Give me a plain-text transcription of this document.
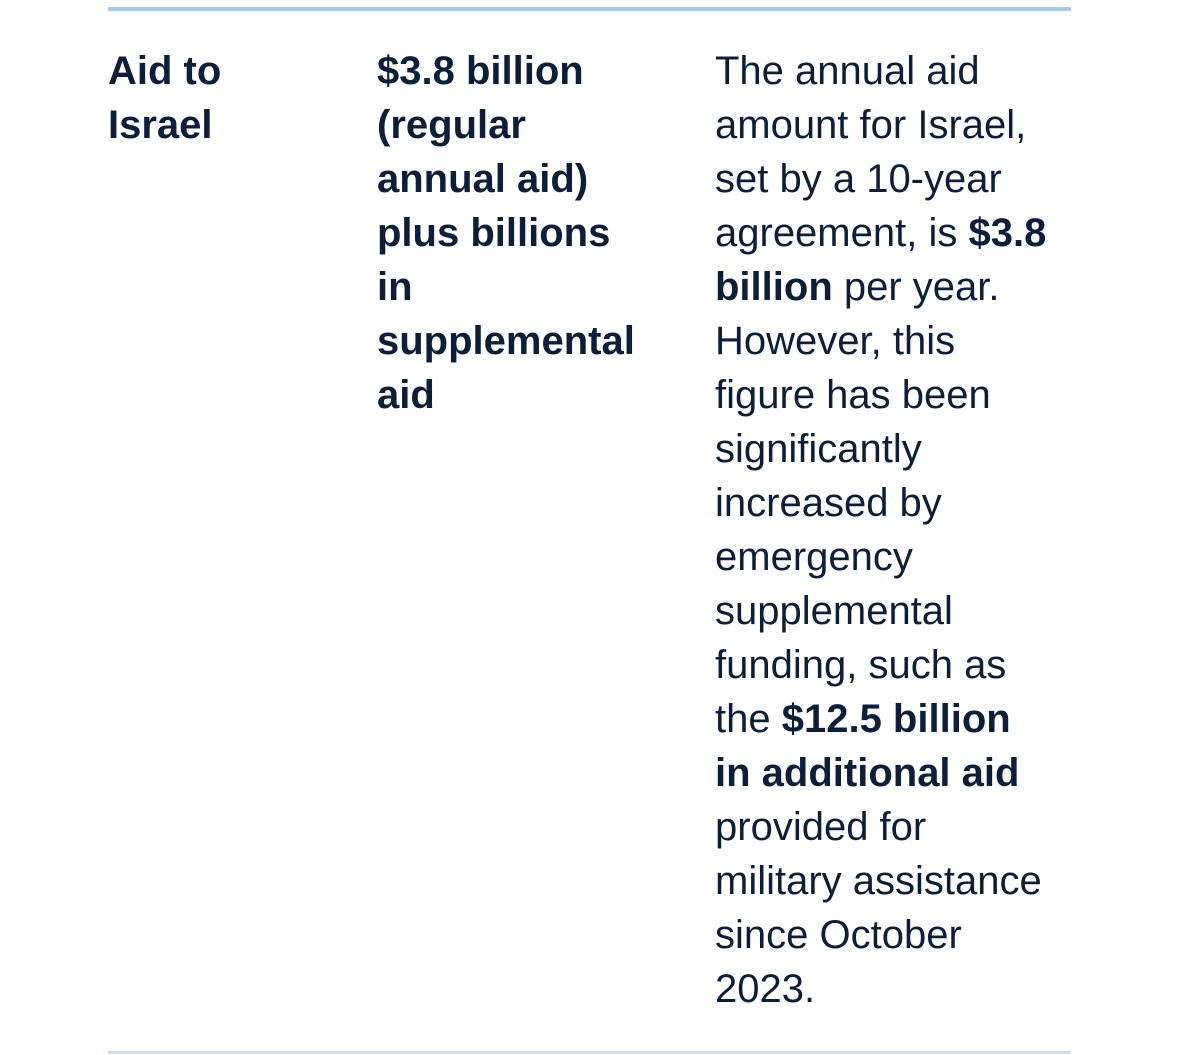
Aid to
Israel
$3.8 billion
(regular
annual aid)
plus billions
in
supplemental
aid
The annual aid
amount for Israel,
set by a 10-year
agreement, is $3.8
billion per year.
However, this
figure has been
significantly
increased by
emergency
supplemental
funding, such as
the $12.5 billion
in additional aid
provided for
military assistance
since October
2023.
